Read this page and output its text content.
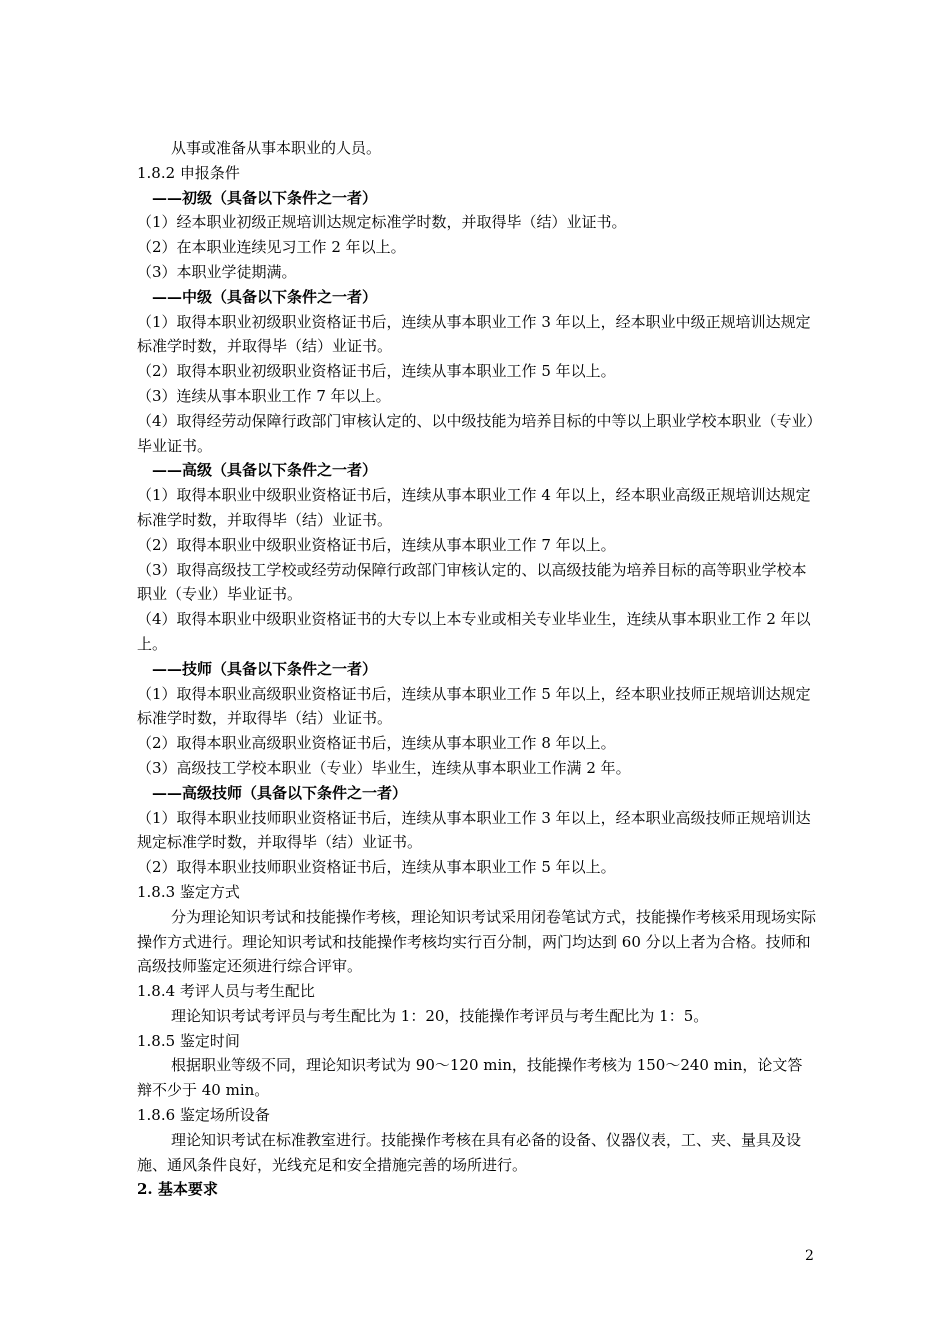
从事或准备从事本职业的人员。

1.8.2 申报条件

——初级（具备以下条件之一者）

（1）经本职业初级正规培训达规定标准学时数，并取得毕（结）业证书。

（2）在本职业连续见习工作 2 年以上。

（3）本职业学徒期满。

——中级（具备以下条件之一者）

（1）取得本职业初级职业资格证书后，连续从事本职业工作 3 年以上，经本职业中级正规培训达规定标准学时数，并取得毕（结）业证书。

（2）取得本职业初级职业资格证书后，连续从事本职业工作 5 年以上。

（3）连续从事本职业工作 7 年以上。

（4）取得经劳动保障行政部门审核认定的、以中级技能为培养目标的中等以上职业学校本职业（专业）毕业证书。

——高级（具备以下条件之一者）

（1）取得本职业中级职业资格证书后，连续从事本职业工作 4 年以上，经本职业高级正规培训达规定标准学时数，并取得毕（结）业证书。

（2）取得本职业中级职业资格证书后，连续从事本职业工作 7 年以上。

（3）取得高级技工学校或经劳动保障行政部门审核认定的、以高级技能为培养目标的高等职业学校本职业（专业）毕业证书。

（4）取得本职业中级职业资格证书的大专以上本专业或相关专业毕业生，连续从事本职业工作 2 年以上。

——技师（具备以下条件之一者）

（1）取得本职业高级职业资格证书后，连续从事本职业工作 5 年以上，经本职业技师正规培训达规定标准学时数，并取得毕（结）业证书。

（2）取得本职业高级职业资格证书后，连续从事本职业工作 8 年以上。

（3）高级技工学校本职业（专业）毕业生，连续从事本职业工作满 2 年。

——高级技师（具备以下条件之一者）

（1）取得本职业技师职业资格证书后，连续从事本职业工作 3 年以上，经本职业高级技师正规培训达规定标准学时数，并取得毕（结）业证书。

（2）取得本职业技师职业资格证书后，连续从事本职业工作 5 年以上。

1.8.3 鉴定方式

分为理论知识考试和技能操作考核，理论知识考试采用闭卷笔试方式，技能操作考核采用现场实际操作方式进行。理论知识考试和技能操作考核均实行百分制，两门均达到 60 分以上者为合格。技师和高级技师鉴定还须进行综合评审。

1.8.4 考评人员与考生配比

理论知识考试考评员与考生配比为 1：20，技能操作考评员与考生配比为 1：5。

1.8.5 鉴定时间

根据职业等级不同，理论知识考试为 90～120 min，技能操作考核为 150～240 min，论文答辩不少于 40 min。

1.8.6 鉴定场所设备

理论知识考试在标准教室进行。技能操作考核在具有必备的设备、仪器仪表，工、夹、量具及设施、通风条件良好，光线充足和安全措施完善的场所进行。

2. 基本要求

2
